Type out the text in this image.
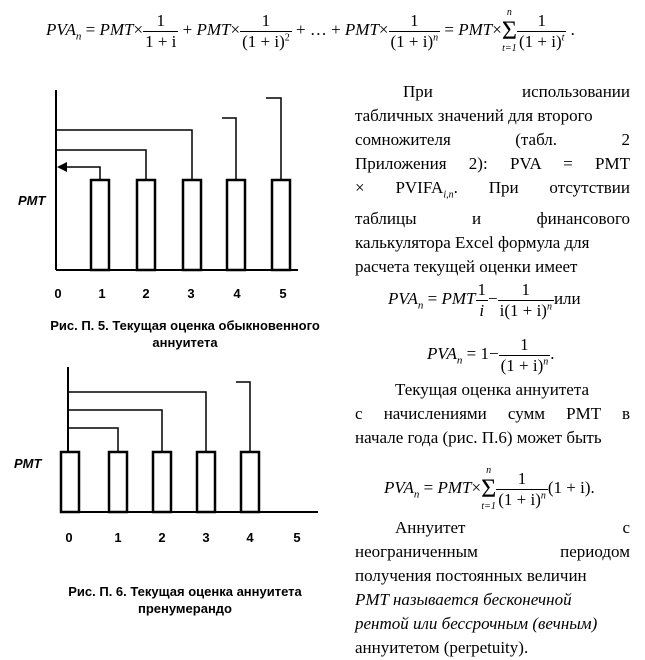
$PVA_n = PMT\times \frac{1}{1 + i} + PMT\times \frac{1}{(1 + i)^2}$ + … + $PMT\times \frac{1}{(1 + i)^n} = PMT\times$
n
Σ
$t=1 \frac{1}{(1 + i)^t}$ .
PMT
0	1	2	3	4	5
Рис. П. 5. Текущая оценка обыкновенного
аннуитета
PMT
0	1	2	3	4	5
Рис. П. 6. Текущая оценка аннуитета
пренумерандо
При использовании
табличных значений для второго
сомножителя (табл. 2
Приложения 2): PVA = PMT
× $PVIFA_{i,n}$. При отсутствии
таблицы и финансового
калькулятора Excel формула для
расчета текущей оценки имеет
$PVA_n$ = PMT $\frac{1}{i} - \frac{1}{i(1 + i)^n}$ или
$PVA_n = 1- \frac{1}{(1 + i)^n}$ .
Текущая оценка аннуитета
с начислениями сумм PMT в
начале года (рис. П.6) может быть
$PVA_n = PMT\times$
n
Σ
$t=1 \frac{1}{(1 + i)^n} (1 + i)$.
Аннуитет с
неограниченным периодом
получения постоянных величин
PMT называется бесконечной
рентой или бессрочным (вечным)
аннуитетом (perpetuity).
